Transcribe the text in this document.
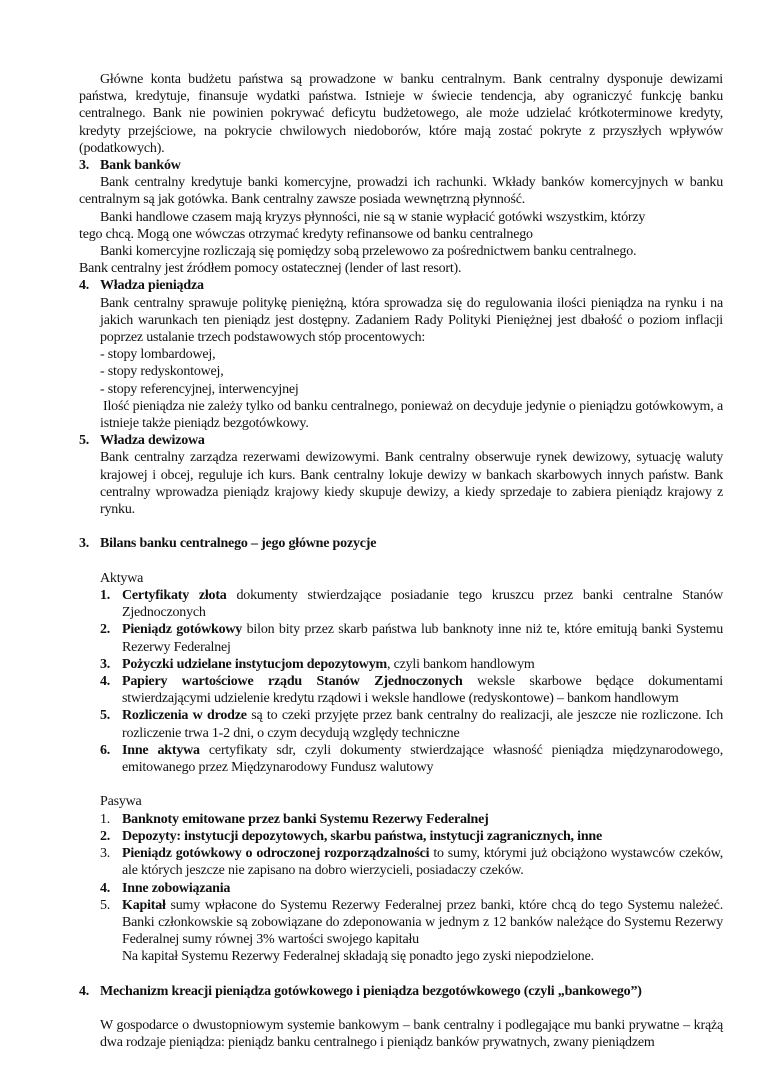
Główne konta budżetu państwa są prowadzone w banku centralnym. Bank centralny dysponuje dewizami państwa, kredytuje, finansuje wydatki państwa. Istnieje w świecie tendencja, aby ograniczyć funkcję banku centralnego. Bank nie powinien pokrywać deficytu budżetowego, ale może udzielać krótkoterminowe kredyty, kredyty przejściowe, na pokrycie chwilowych niedoborów, które mają zostać pokryte z przyszłych wpływów (podatkowych).

3. Bank banków

Bank centralny kredytuje banki komercyjne, prowadzi ich rachunki. Wkłady banków komercyjnych w banku centralnym są jak gotówka. Bank centralny zawsze posiada wewnętrzną płynność.

Banki handlowe czasem mają kryzys płynności, nie są w stanie wypłacić gotówki wszystkim, którzy

tego chcą. Mogą one wówczas otrzymać kredyty refinansowe od banku centralnego

Banki komercyjne rozliczają się pomiędzy sobą przelewowo za pośrednictwem banku centralnego.

Bank centralny jest źródłem pomocy ostatecznej (lender of last resort).

4. Władza pieniądza

Bank centralny sprawuje politykę pieniężną, która sprowadza się do regulowania ilości pieniądza na rynku i na jakich warunkach ten pieniądz jest dostępny. Zadaniem Rady Polityki Pieniężnej jest dbałość o poziom inflacji poprzez ustalanie trzech podstawowych stóp procentowych:

- stopy lombardowej,

- stopy redyskontowej,

- stopy referencyjnej, interwencyjnej

Ilość pieniądza nie zależy tylko od banku centralnego, ponieważ on decyduje jedynie o pieniądzu gotówkowym, a istnieje także pieniądz bezgotówkowy.

5. Władza dewizowa

Bank centralny zarządza rezerwami dewizowymi. Bank centralny obserwuje rynek dewizowy, sytuację waluty krajowej i obcej, reguluje ich kurs. Bank centralny lokuje dewizy w bankach skarbowych innych państw. Bank centralny wprowadza pieniądz krajowy kiedy skupuje dewizy, a kiedy sprzedaje to zabiera pieniądz krajowy z rynku.

3. Bilans banku centralnego – jego główne pozycje

Aktywa

1. Certyfikaty złota dokumenty stwierdzające posiadanie tego kruszcu przez banki centralne Stanów Zjednoczonych
2. Pieniądz gotówkowy bilon bity przez skarb państwa lub banknoty inne niż te, które emitują banki Systemu Rezerwy Federalnej
3. Pożyczki udzielane instytucjom depozytowym, czyli bankom handlowym
4. Papiery wartościowe rządu Stanów Zjednoczonych weksle skarbowe będące dokumentami stwierdzającymi udzielenie kredytu rządowi i weksle handlowe (redyskontowe) – bankom handlowym
5. Rozliczenia w drodze są to czeki przyjęte przez bank centralny do realizacji, ale jeszcze nie rozliczone. Ich rozliczenie trwa 1-2 dni, o czym decydują względy techniczne
6. Inne aktywa certyfikaty sdr, czyli dokumenty stwierdzające własność pieniądza międzynarodowego, emitowanego przez Międzynarodowy Fundusz walutowy

Pasywa

1. Banknoty emitowane przez banki Systemu Rezerwy Federalnej
2. Depozyty: instytucji depozytowych, skarbu państwa, instytucji zagranicznych, inne
3. Pieniądz gotówkowy o odroczonej rozporządzalności to sumy, którymi już obciążono wystawców czeków, ale których jeszcze nie zapisano na dobro wierzycieli, posiadaczy czeków.
4. Inne zobowiązania
5. Kapitał sumy wpłacone do Systemu Rezerwy Federalnej przez banki, które chcą do tego Systemu należeć. Banki członkowskie są zobowiązane do zdeponowania w jednym z 12 banków należące do Systemu Rezerwy Federalnej sumy równej 3% wartości swojego kapitału

Na kapitał Systemu Rezerwy Federalnej składają się ponadto jego zyski niepodzielone.

4. Mechanizm kreacji pieniądza gotówkowego i pieniądza bezgotówkowego (czyli „bankowego”)

W gospodarce o dwustopniowym systemie bankowym – bank centralny i podlegające mu banki prywatne – krążą dwa rodzaje pieniądza: pieniądz banku centralnego i pieniądz banków prywatnych, zwany pieniądzem
